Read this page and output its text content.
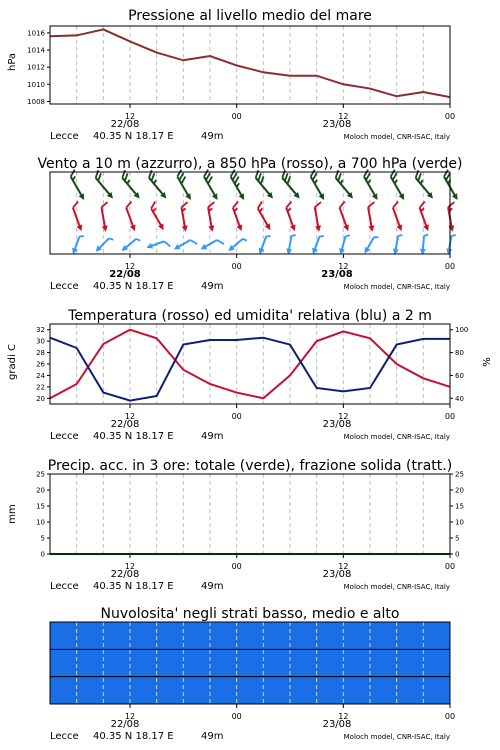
Pressione al livello medio del mare
hPa
12	00	12	00
1008
1010
1012
1014
1016
22/08	23/08
Lecce 40.35 N 18.17 E	49m	Moloch model, CNR-ISAC, Italy
Vento a 10 m (azzurro), a 850 hPa (rosso), a 700 hPa (verde)
12	00	12	00
22/08	23/08
Lecce 40.35 N 18.17 E	49m	Moloch model, CNR-ISAC, Italy
Temperatura (rosso) ed umidita' relativa (blu) a 2 m
gradi C	%
12	00	12	00
20
22
24
26
28
30
32
40
60
80
100
22/08	23/08
Lecce 40.35 N 18.17 E	49m	Moloch model, CNR-ISAC, Italy
Precip. acc. in 3 ore: totale (verde), frazione solida (tratt.)
mm
12	00	12	00
0	0
5	5
10	10
15	15
20	20
25	25
22/08	23/08
Lecce 40.35 N 18.17 E	49m	Moloch model, CNR-ISAC, Italy
Nuvolosita' negli strati basso, medio e alto
12	00	12	00
22/08	23/08
Lecce 40.35 N 18.17 E	49m	Moloch model, CNR-ISAC, Italy
